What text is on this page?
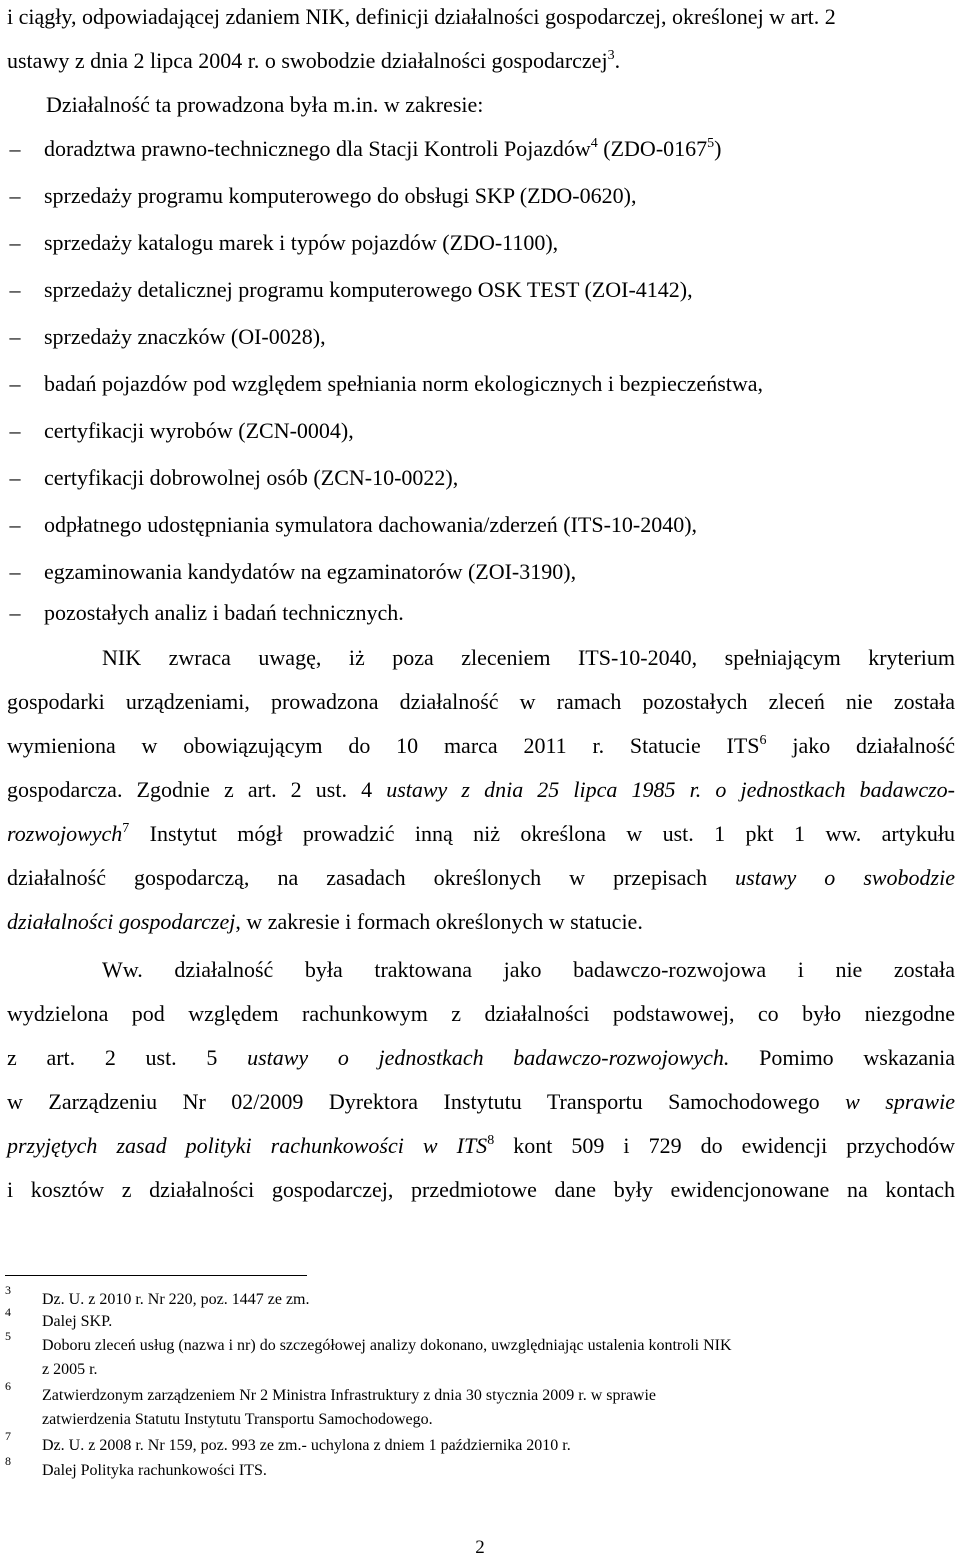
i ciągły, odpowiadającej zdaniem NIK, definicji działalności gospodarczej, określonej w art. 2
ustawy z dnia 2 lipca 2004 r. o swobodzie działalności gospodarczej$^3$.
Działalność ta prowadzona była m.in. w zakresie:
– doradztwa prawno-technicznego dla Stacji Kontroli Pojazdów$^4$ (ZDO-0167$^5$)
– sprzedaży programu komputerowego do obsługi SKP (ZDO-0620),
– sprzedaży katalogu marek i typów pojazdów (ZDO-1100),
– sprzedaży detalicznej programu komputerowego OSK TEST (ZOI-4142),
– sprzedaży znaczków (OI-0028),
– badań pojazdów pod względem spełniania norm ekologicznych i bezpieczeństwa,
– certyfikacji wyrobów (ZCN-0004),
– certyfikacji dobrowolnej osób (ZCN-10-0022),
– odpłatnego udostępniania symulatora dachowania/zderzeń (ITS-10-2040),
– egzaminowania kandydatów na egzaminatorów (ZOI-3190),
– pozostałych analiz i badań technicznych.
NIK zwraca uwagę, iż poza zleceniem ITS-10-2040, spełniającym kryterium
gospodarki urządzeniami, prowadzona działalność w ramach pozostałych zleceń nie została
wymieniona w obowiązującym do 10 marca 2011 r. Statucie ITS$^6$ jako działalność
gospodarcza. Zgodnie z art. 2 ust. 4 ustawy z dnia 25 lipca 1985 r. o jednostkach badawczo-
rozwojowych$^7$ Instytut mógł prowadzić inną niż określona w ust. 1 pkt 1 ww. artykułu
działalność gospodarczą, na zasadach określonych w przepisach ustawy o swobodzie
działalności gospodarczej, w zakresie i formach określonych w statucie.
Ww. działalność była traktowana jako badawczo-rozwojowa i nie została
wydzielona pod względem rachunkowym z działalności podstawowej, co było niezgodne
z art. 2 ust. 5 ustawy o jednostkach badawczo-rozwojowych. Pomimo wskazania
w Zarządzeniu Nr 02/2009 Dyrektora Instytutu Transportu Samochodowego w sprawie
przyjętych zasad polityki rachunkowości w ITS$^8$ kont 509 i 729 do ewidencji przychodów
i kosztów z działalności gospodarczej, przedmiotowe dane były ewidencjonowane na kontach
3
Dz. U. z 2010 r. Nr 220, poz. 1447 ze zm.
4
Dalej SKP.
5
Doboru zleceń usług (nazwa i nr) do szczegółowej analizy dokonano, uwzględniając ustalenia kontroli NIK
z 2005 r.
6
Zatwierdzonym zarządzeniem Nr 2 Ministra Infrastruktury z dnia 30 stycznia 2009 r. w sprawie
zatwierdzenia Statutu Instytutu Transportu Samochodowego.
7
Dz. U. z 2008 r. Nr 159, poz. 993 ze zm.- uchylona z dniem 1 października 2010 r.
8
Dalej Polityka rachunkowości ITS.
2
